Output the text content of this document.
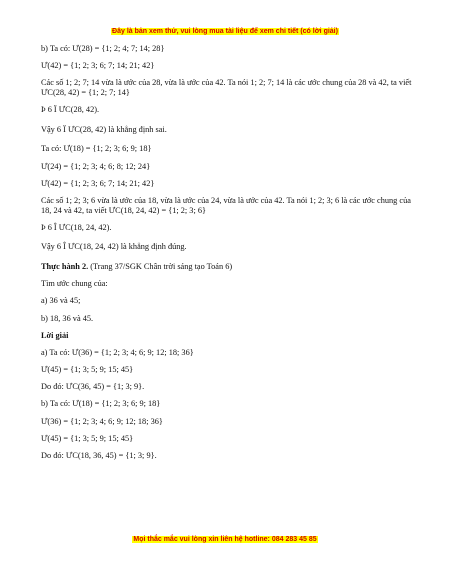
Đây là bản xem thử, vui lòng mua tài liệu để xem chi tiết (có lời giải)

b) Ta có: Ư(28) = {1; 2; 4; 7; 14; 28}

Ư(42) = {1; 2; 3; 6; 7; 14; 21; 42}

Các số 1; 2; 7; 14 vừa là ước của 28, vừa là ước của 42. Ta nói 1; 2; 7; 14 là các ước chung của 28 và 42, ta viết ƯC(28, 42) = {1; 2; 7; 14}

Þ 6 Ï ƯC(28, 42).

Vậy 6 Ï ƯC(28, 42) là khẳng định sai.

Ta có: Ư(18) = {1; 2; 3; 6; 9; 18}

Ư(24) = {1; 2; 3; 4; 6; 8; 12; 24}

Ư(42) = {1; 2; 3; 6; 7; 14; 21; 42}

Các số 1; 2; 3; 6 vừa là ước của 18, vừa là ước của 24, vừa là ước của 42. Ta nói 1; 2; 3; 6 là các ước chung của 18, 24 và 42, ta viết ƯC(18, 24, 42) = {1; 2; 3; 6}

Þ 6 Î ƯC(18, 24, 42).

Vậy 6 Î ƯC(18, 24, 42) là khẳng định đúng.

Thực hành 2. (Trang 37/SGK Chân trời sáng tạo Toán 6)

Tìm ước chung của:

a) 36 và 45;

b) 18, 36 và 45.

Lời giải

a) Ta có: Ư(36) = {1; 2; 3; 4; 6; 9; 12; 18; 36}

Ư(45) = {1; 3; 5; 9; 15; 45}

Do đó: ƯC(36, 45) = {1; 3; 9}.

b) Ta có: Ư(18) = {1; 2; 3; 6; 9; 18}

Ư(36) = {1; 2; 3; 4; 6; 9; 12; 18; 36}

Ư(45) = {1; 3; 5; 9; 15; 45}

Do đó: ƯC(18, 36, 45) = {1; 3; 9}.

Mọi thắc mắc vui lòng xin liên hệ hotline: 084 283 45 85
